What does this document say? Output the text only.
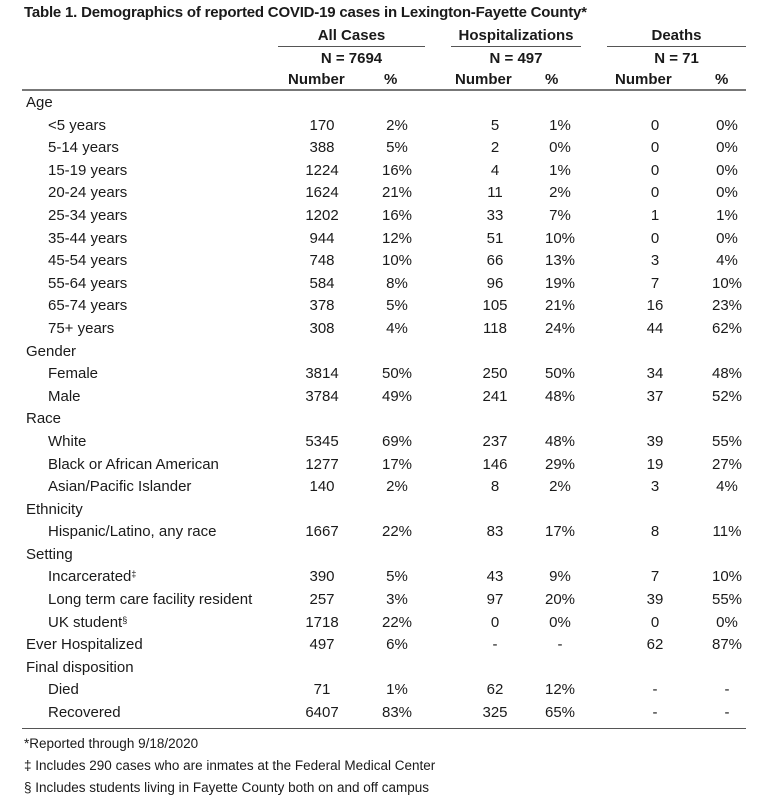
Table 1. Demographics of reported COVID-19 cases in Lexington-Fayette County*
All Cases	Hospitalizations	Deaths
N = 7694	N = 497	N = 71
Number	%	Number %	Number	%
Age
<5 years	170	2%	5	1%	0	0%
5-14 years	388	5%	2	0%	0	0%
15-19 years	1224	16%	4	1%	0	0%
20-24 years	1624	21%	11	2%	0	0%
25-34 years	1202	16%	33	7%	1	1%
35-44 years	944	12%	51	10%	0	0%
45-54 years	748	10%	66	13%	3	4%
55-64 years	584	8%	96	19%	7	10%
65-74 years	378	5%	105	21%	16	23%
75+ years	308	4%	118	24%	44	62%
Gender
Female	3814	50%	250	50%	34	48%
Male	3784	49%	241	48%	37	52%
Race
White	5345	69%	237	48%	39	55%
Black or African American	1277	17%	146	29%	19	27%
Asian/Pacific Islander	140	2%	8	2%	3	4%
Ethnicity
Hispanic/Latino, any race	1667	22%	83	17%	8	11%
Setting
Incarcerated‡	390	5%	43	9%	7	10%
Long term care facility resident	257	3%	97	20%	39	55%
UK student§	1718	22%	0	0%	0	0%
Ever Hospitalized	497	6%	-	-	62	87%
Final disposition
Died	71	1%	62	12%	-	-
Recovered	6407	83%	325	65%	-	-
*Reported through 9/18/2020
‡ Includes 290 cases who are inmates at the Federal Medical Center
§ Includes students living in Fayette County both on and off campus
